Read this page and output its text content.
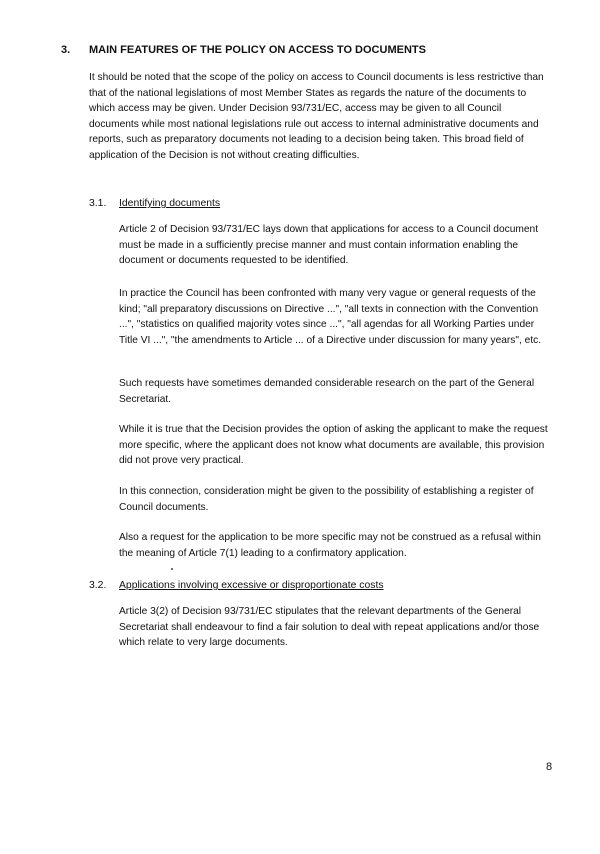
3. MAIN FEATURES OF THE POLICY ON ACCESS TO DOCUMENTS

It should be noted that the scope of the policy on access to Council documents is less restrictive than that of the national legislations of most Member States as regards the nature of the documents to which access may be given. Under Decision 93/731/EC, access may be given to all Council documents while most national legislations rule out access to internal administrative documents and reports, such as preparatory documents not leading to a decision being taken. This broad field of application of the Decision is not without creating difficulties.

3.1. Identifying documents

Article 2 of Decision 93/731/EC lays down that applications for access to a Council document must be made in a sufficiently precise manner and must contain information enabling the document or documents requested to be identified.

In practice the Council has been confronted with many very vague or general requests of the kind; "all preparatory discussions on Directive ...", "all texts in connection with the Convention ...", "statistics on qualified majority votes since ...", "all agendas for all Working Parties under Title VI ...", "the amendments to Article ... of a Directive under discussion for many years", etc.

Such requests have sometimes demanded considerable research on the part of the General Secretariat.

While it is true that the Decision provides the option of asking the applicant to make the request more specific, where the applicant does not know what documents are available, this provision did not prove very practical.

In this connection, consideration might be given to the possibility of establishing a register of Council documents.

Also a request for the application to be more specific may not be construed as a refusal within the meaning of Article 7(1) leading to a confirmatory application.

3.2. Applications involving excessive or disproportionate costs

Article 3(2) of Decision 93/731/EC stipulates that the relevant departments of the General Secretariat shall endeavour to find a fair solution to deal with repeat applications and/or those which relate to very large documents.

8
